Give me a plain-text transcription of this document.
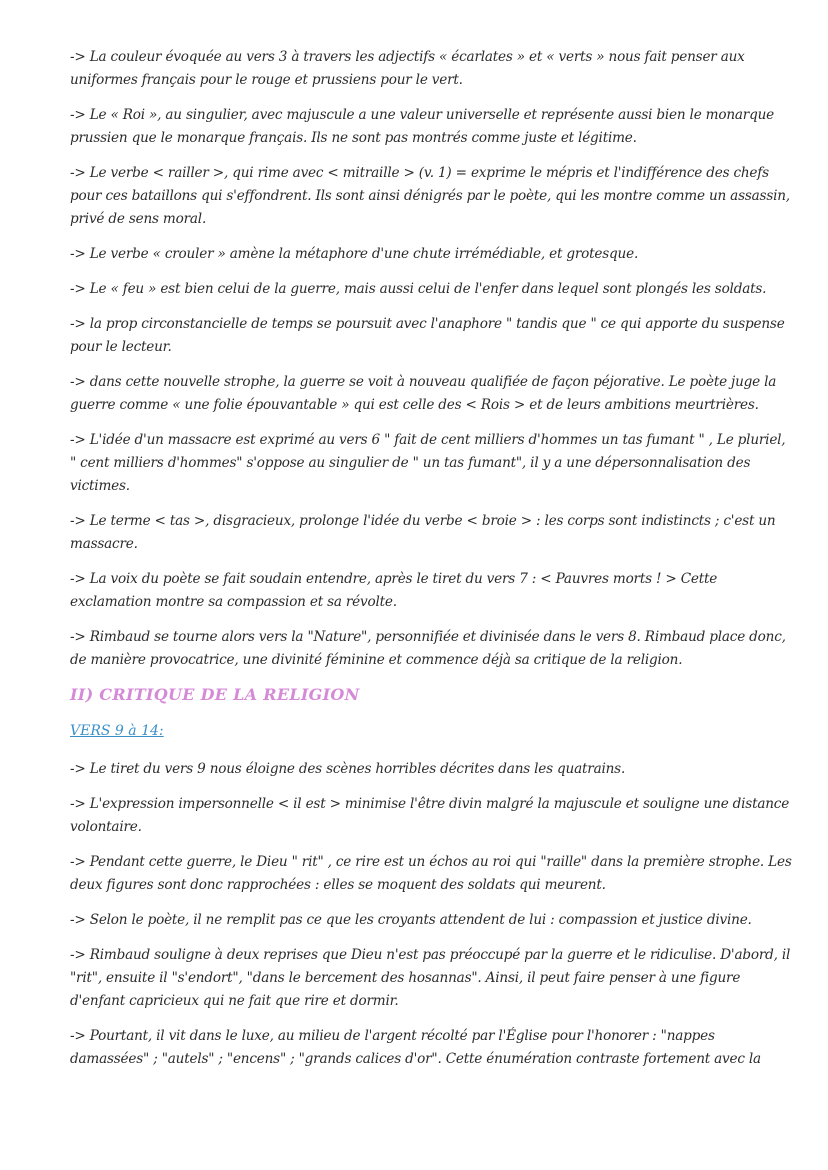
-> La couleur évoquée au vers 3 à travers les adjectifs « écarlates » et « verts » nous fait penser aux uniformes français pour le rouge et prussiens pour le vert.

-> Le « Roi », au singulier, avec majuscule a une valeur universelle et représente aussi bien le monarque prussien que le monarque français. Ils ne sont pas montrés comme juste et légitime.

-> Le verbe < railler >, qui rime avec < mitraille > (v. 1) = exprime le mépris et l'indifférence des chefs pour ces bataillons qui s'effondrent. Ils sont ainsi dénigrés par le poète, qui les montre comme un assassin, privé de sens moral.

-> Le verbe « crouler » amène la métaphore d'une chute irrémédiable, et grotesque.

-> Le « feu » est bien celui de la guerre, mais aussi celui de l'enfer dans lequel sont plongés les soldats.

-> la prop circonstancielle de temps se poursuit avec l'anaphore " tandis que " ce qui apporte du suspense pour le lecteur.

-> dans cette nouvelle strophe, la guerre se voit à nouveau qualifiée de façon péjorative. Le poète juge la guerre comme « une folie épouvantable » qui est celle des < Rois > et de leurs ambitions meurtrières.

-> L'idée d'un massacre est exprimé au vers 6 " fait de cent milliers d'hommes un tas fumant " , Le pluriel, " cent milliers d'hommes" s'oppose au singulier de " un tas fumant", il y a une dépersonnalisation des victimes.

-> Le terme < tas >, disgracieux, prolonge l'idée du verbe < broie > : les corps sont indistincts ; c'est un massacre.

-> La voix du poète se fait soudain entendre, après le tiret du vers 7 : < Pauvres morts ! > Cette exclamation montre sa compassion et sa révolte.

-> Rimbaud se tourne alors vers la "Nature", personnifiée et divinisée dans le vers 8. Rimbaud place donc, de manière provocatrice, une divinité féminine et commence déjà sa critique de la religion.

II) CRITIQUE DE LA RELIGION
VERS 9 à 14:

-> Le tiret du vers 9 nous éloigne des scènes horribles décrites dans les quatrains.

-> L'expression impersonnelle < il est > minimise l'être divin malgré la majuscule et souligne une distance volontaire.

-> Pendant cette guerre, le Dieu " rit" , ce rire est un échos au roi qui "raille" dans la première strophe. Les deux figures sont donc rapprochées : elles se moquent des soldats qui meurent.

-> Selon le poète, il ne remplit pas ce que les croyants attendent de lui : compassion et justice divine.

-> Rimbaud souligne à deux reprises que Dieu n'est pas préoccupé par la guerre et le ridiculise. D'abord, il "rit", ensuite il "s'endort", "dans le bercement des hosannas". Ainsi, il peut faire penser à une figure d'enfant capricieux qui ne fait que rire et dormir.

-> Pourtant, il vit dans le luxe, au milieu de l'argent récolté par l'Église pour l'honorer : "nappes damassées" ; "autels" ; "encens" ; "grands calices d'or". Cette énumération contraste fortement avec la
